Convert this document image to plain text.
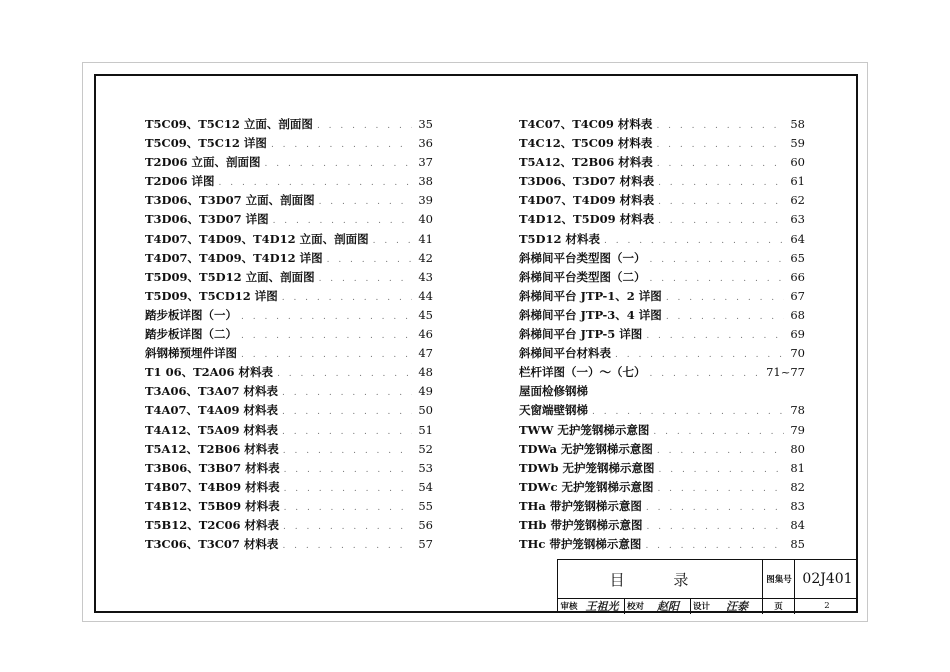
T5C09、T5C12 立面、剖面图 . . .	35
T5C09、T5C12 详图 . . .	36
T2D06 立面、剖面图 . . .	37
T2D06 详图 . . .	38
T3D06、T3D07 立面、剖面图 . . .	39
T3D06、T3D07 详图 . . .	40
T4D07、T4D09、T4D12 立面、剖面图 . . .	41
T4D07、T4D09、T4D12 详图 . . .	42
T5D09、T5D12 立面、剖面图 . . .	43
T5D09、T5CD12 详图 . . .	44
踏步板详图（一） . . .	45
踏步板详图（二） . . .	46
斜钢梯预埋件详图 . . .	47
T1 06、T2A06 材料表 . . .	48
T3A06、T3A07 材料表 . . .	49
T4A07、T4A09 材料表 . . .	50
T4A12、T5A09 材料表 . . .	51
T5A12、T2B06 材料表 . . .	52
T3B06、T3B07 材料表 . . .	53
T4B07、T4B09 材料表 . . .	54
T4B12、T5B09 材料表 . . .	55
T5B12、T2C06 材料表 . . .	56
T3C06、T3C07 材料表 . . .	57
T4C07、T4C09 材料表 . . .	58
T4C12、T5C09 材料表 . . .	59
T5A12、T2B06 材料表 . . .	60
T3D06、T3D07 材料表 . . .	61
T4D07、T4D09 材料表 . . .	62
T4D12、T5D09 材料表 . . .	63
T5D12 材料表 . . .	64
斜梯间平台类型图（一） . . .	65
斜梯间平台类型图（二） . . .	66
斜梯间平台 JTP-1、2 详图 . . .	67
斜梯间平台 JTP-3、4 详图 . . .	68
斜梯间平台 JTP-5 详图 . . .	69
斜梯间平台材料表 . . .	70
栏杆详图（一）～（七） . . .	71~77
屋面检修钢梯
天窗端壁钢梯 . . .	78
TWW 无护笼钢梯示意图 . . .	79
TDWa 无护笼钢梯示意图 . . .	80
TDWb 无护笼钢梯示意图 . . .	81
TDWc 无护笼钢梯示意图 . . .	82
THa 带护笼钢梯示意图 . . .	83
THb 带护笼钢梯示意图 . . .	84
THc 带护笼钢梯示意图 . . .	85
目 录	图集号 02J401
审核 王祖光 校对	赵阳	设计	汪泰	页	2
